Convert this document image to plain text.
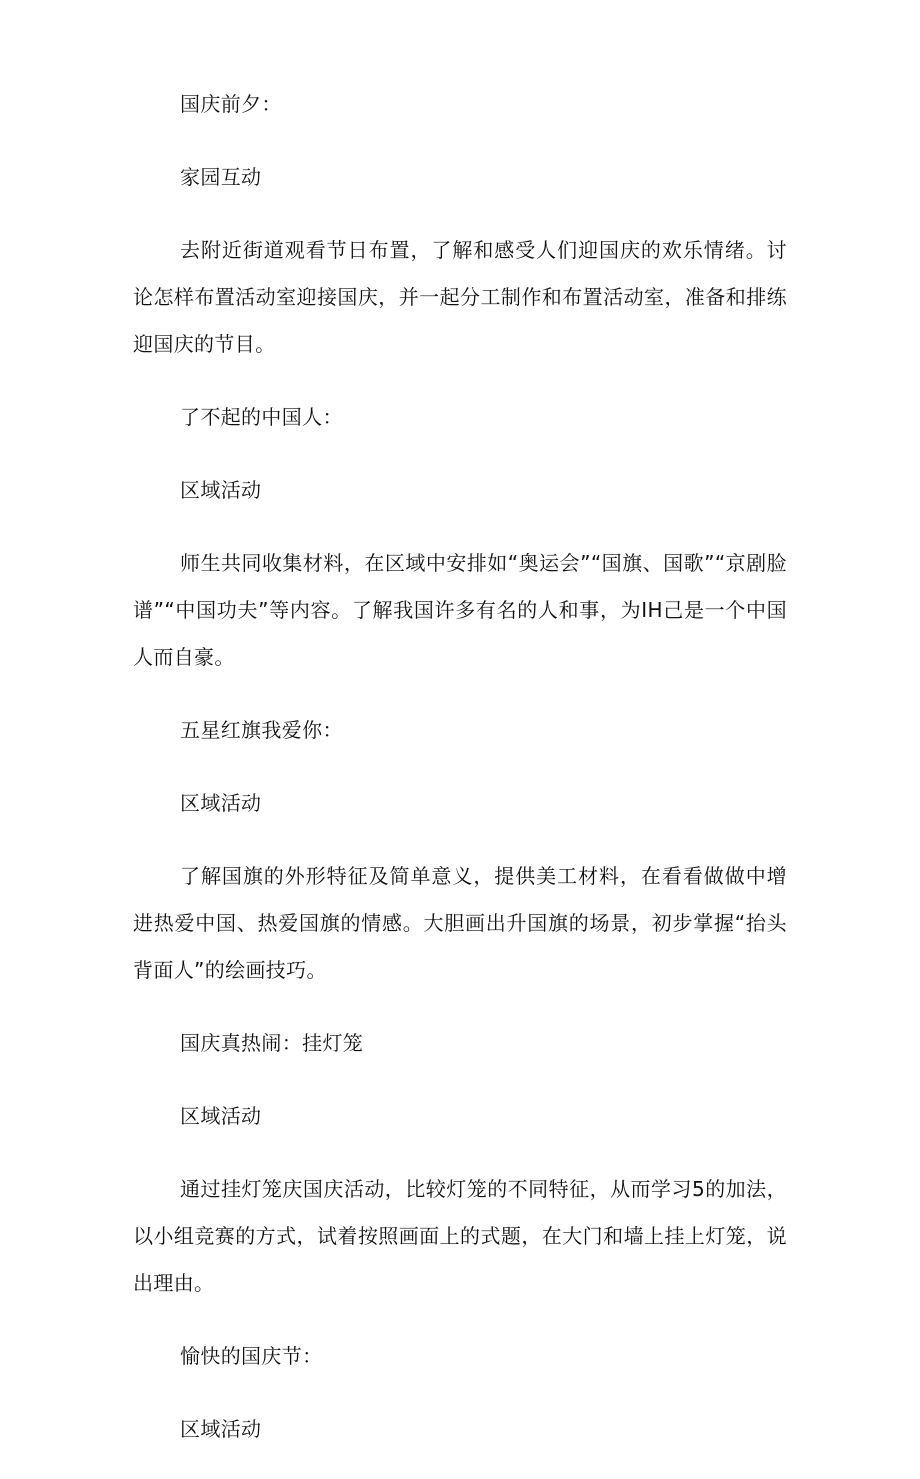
国庆前夕：

家园互动

去附近街道观看节日布置，了解和感受人们迎国庆的欢乐情绪。讨论怎样布置活动室迎接国庆，并一起分工制作和布置活动室，准备和排练迎国庆的节目。

了不起的中国人：

区域活动

师生共同收集材料，在区域中安排如“奥运会”“国旗、国歌”“京剧脸谱”“中国功夫”等内容。了解我国许多有名的人和事，为IH己是一个中国人而自豪。

五星红旗我爱你：

区域活动

了解国旗的外形特征及简单意义，提供美工材料，在看看做做中增进热爱中国、热爱国旗的情感。大胆画出升国旗的场景，初步掌握“抬头背面人”的绘画技巧。

国庆真热闹：挂灯笼

区域活动

通过挂灯笼庆国庆活动，比较灯笼的不同特征，从而学习5的加法，以小组竞赛的方式，试着按照画面上的式题，在大门和墙上挂上灯笼，说出理由。

愉快的国庆节：

区域活动
